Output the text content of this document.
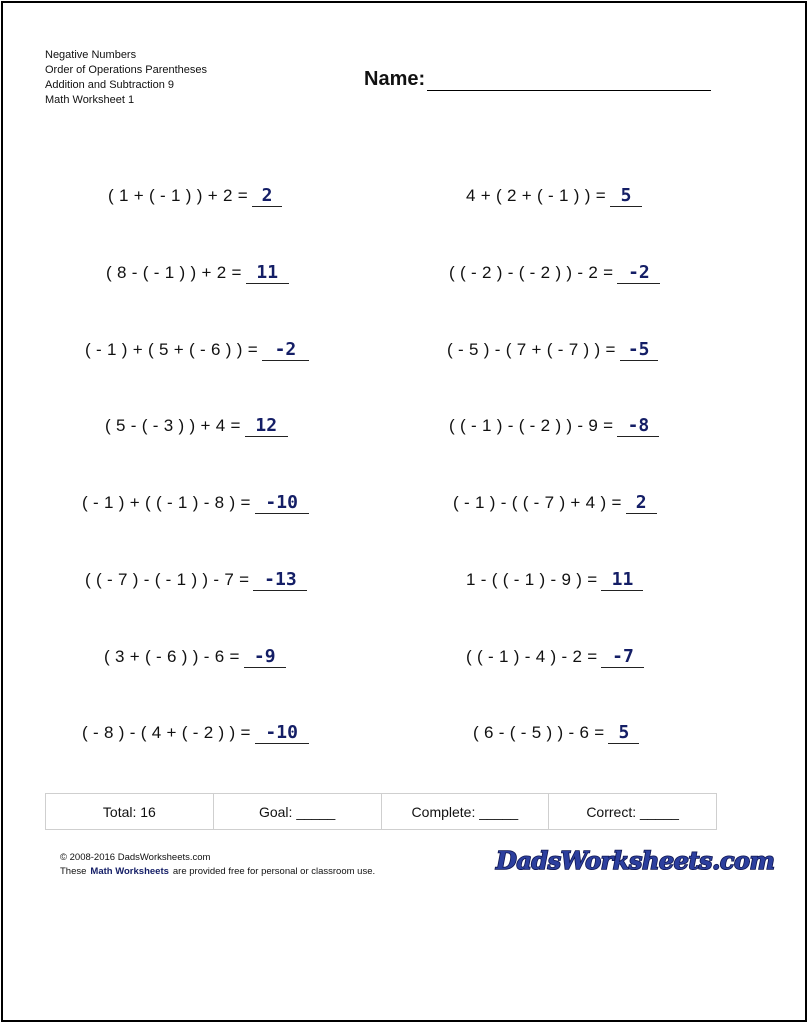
Negative Numbers
Order of Operations Parentheses
Addition and Subtraction 9
Math Worksheet 1
Name:
( 1 + ( - 1 ) ) + 2 = 2	4 + ( 2 + ( - 1 ) ) = 5
( 8 - ( - 1 ) ) + 2 = 11	( ( - 2 ) - ( - 2 ) ) - 2 = -2
( - 1 ) + ( 5 + ( - 6 ) ) = -2	( - 5 ) - ( 7 + ( - 7 ) ) = -5
( 5 - ( - 3 ) ) + 4 = 12	( ( - 1 ) - ( - 2 ) ) - 9 = -8
( - 1 ) + ( ( - 1 ) - 8 ) = -10	( - 1 ) - ( ( - 7 ) + 4 ) = 2
( ( - 7 ) - ( - 1 ) ) - 7 = -13	1 - ( ( - 1 ) - 9 ) = 11
( 3 + ( - 6 ) ) - 6 = -9	( ( - 1 ) - 4 ) - 2 = -7
( - 8 ) - ( 4 + ( - 2 ) ) = -10	( 6 - ( - 5 ) ) - 6 = 5
Total: 16	Goal: _____	Complete: _____	Correct: _____
© 2008-2016 DadsWorksheets.com
These Math Worksheets are provided free for personal or classroom use.	DadsWorksheets.com
